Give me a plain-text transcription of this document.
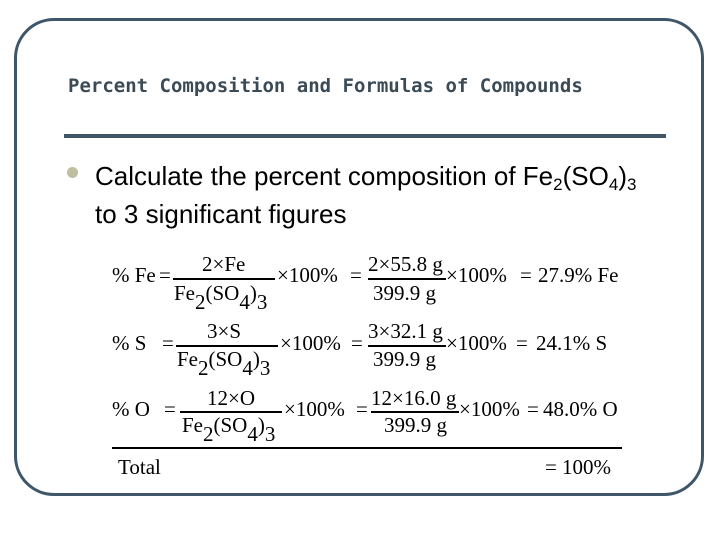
Percent Composition and Formulas of Compounds
Calculate the percent composition of $Fe_2(SO_4)_3$ to 3 significant figures
% Fe = 2×Fe
Fe2(SO4)3
×100% = 2×55.8 g
399.9 g
×100% = 27.9% Fe
% S = 3×S
Fe2(SO4)3
×100% = 3×32.1 g
399.9 g
×100% = 24.1% S
% O = 12×O
Fe2(SO4)3
×100% = 12×16.0 g
399.9 g
×100% = 48.0% O
Total	= 100%
